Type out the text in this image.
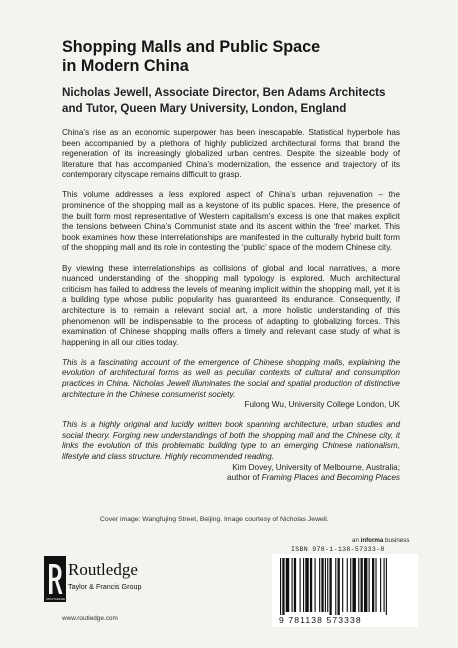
Shopping Malls and Public Space
in Modern China
Nicholas Jewell, Associate Director, Ben Adams Architects
and Tutor, Queen Mary University, London, England

China’s rise as an economic superpower has been inescapable. Statistical hyperbole has been accompanied by a plethora of highly publicized architectural forms that brand the regeneration of its increasingly globalized urban centres. Despite the sizeable body of literature that has accompanied China’s modernization, the essence and trajectory of its contemporary cityscape remains difficult to grasp.

This volume addresses a less explored aspect of China’s urban rejuvenation – the prominence of the shopping mall as a keystone of its public spaces. Here, the presence of the built form most representative of Western capitalism’s excess is one that makes explicit the tensions between China’s Communist state and its ascent within the ‘free’ market. This book examines how these interrelationships are manifested in the culturally hybrid built form of the shopping mall and its role in contesting the ‘public’ space of the modern Chinese city.

By viewing these interrelationships as collisions of global and local narratives, a more nuanced understanding of the shopping mall typology is explored. Much architectural criticism has failed to address the levels of meaning implicit within the shopping mall, yet it is a building type whose public popularity has guaranteed its endurance. Consequently, if architecture is to remain a relevant social art, a more holistic understanding of this phenomenon will be indispensable to the process of adapting to globalizing forces. This examination of Chinese shopping malls offers a timely and relevant case study of what is happening in all our cities today.

This is a fascinating account of the emergence of Chinese shopping malls, explaining the evolution of architectural forms as well as peculiar contexts of cultural and consumption practices in China. Nicholas Jewell illuminates the social and spatial production of distinctive architecture in the Chinese consumerist society.

Fulong Wu, University College London, UK

This is a highly original and lucidly written book spanning architecture, urban studies and social theory. Forging new understandings of both the shopping mall and the Chinese city, it links the evolution of this problematic building type to an emerging Chinese nationalism, lifestyle and class structure. Highly recommended reading.

Kim Dovey, University of Melbourne, Australia;
author of Framing Places and Becoming Places

Cover image: Wangfujing Street, Beijing. Image courtesy of Nicholas Jewell.
an informa business
ISBN 978-1-138-57333-8
9 781138 573338
ROUTLEDGE
Routledge
Taylor & Francis Group
www.routledge.com
